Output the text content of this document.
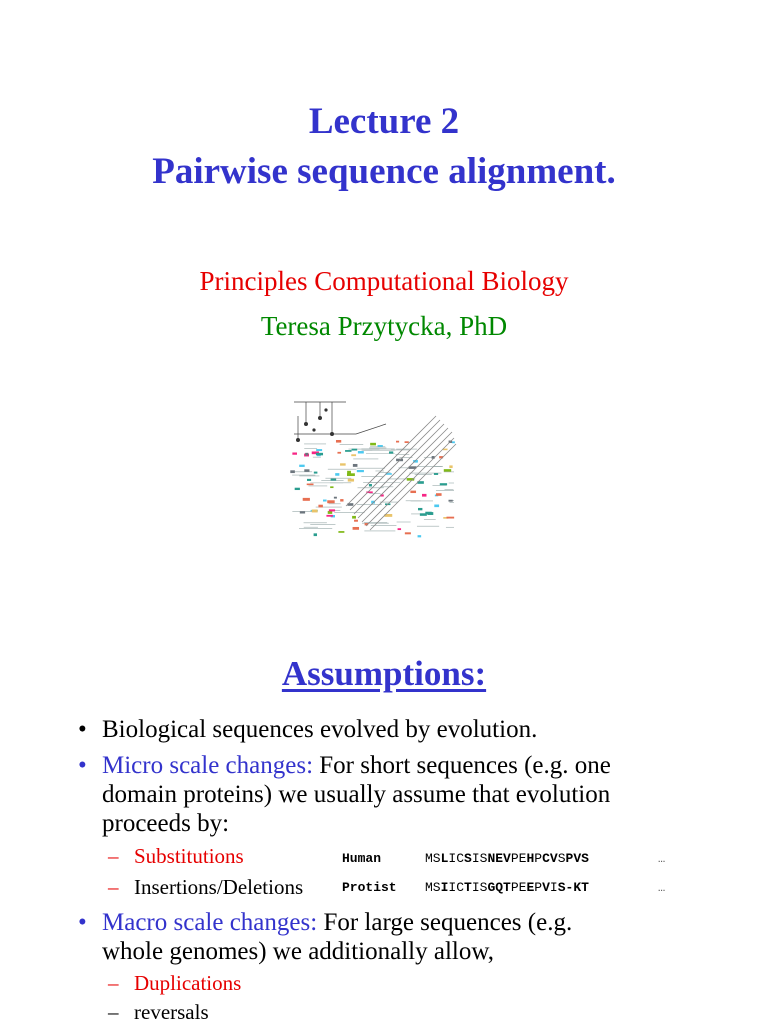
Lecture 2
Pairwise sequence alignment.
Principles Computational Biology
Teresa Przytycka, PhD
Assumptions:
• Biological sequences evolved by evolution.
• Micro scale changes: For short sequences (e.g. one
domain proteins) we usually assume that evolution
proceeds by:
– Substitutions
– Insertions/Deletions
Human	MSLICSISNEVPEHPCVSPVS	…
Protist MSIICTISGQTPEEPVIS-KT	…
• Macro scale changes: For large sequences (e.g.
whole genomes) we additionally allow,
– Duplications
– reversals
